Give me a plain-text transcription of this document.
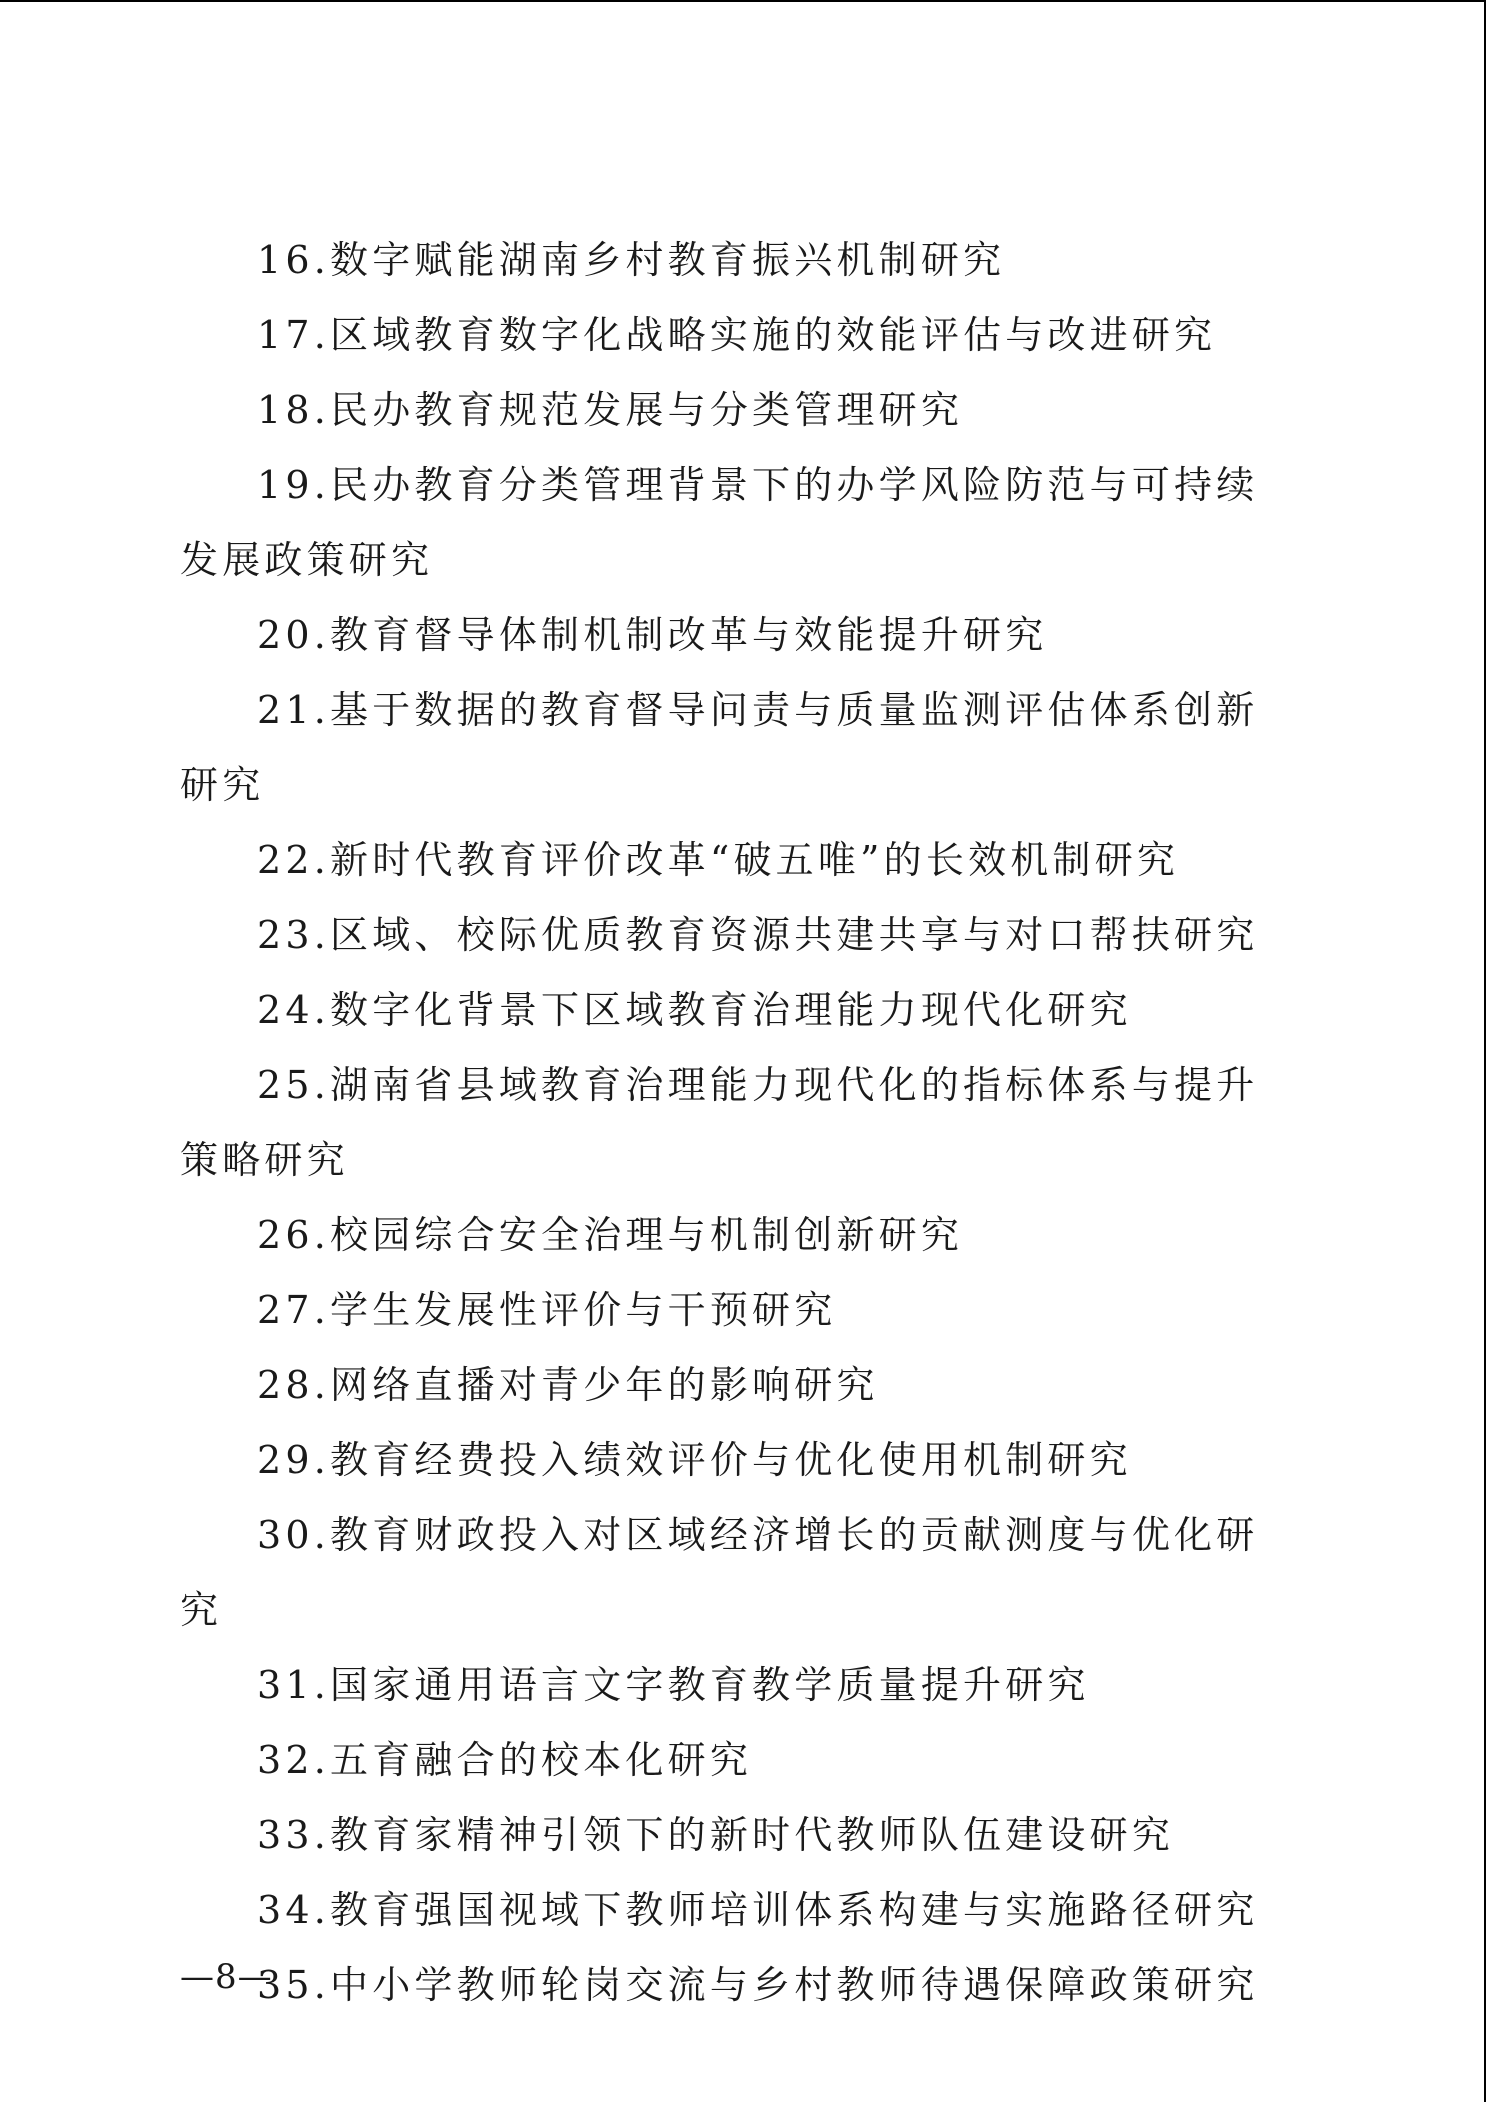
16.数字赋能湖南乡村教育振兴机制研究

17.区域教育数字化战略实施的效能评估与改进研究

18.民办教育规范发展与分类管理研究

19.民办教育分类管理背景下的办学风险防范与可持续发展政策研究

20.教育督导体制机制改革与效能提升研究

21.基于数据的教育督导问责与质量监测评估体系创新研究

22.新时代教育评价改革“破五唯”的长效机制研究

23.区域、校际优质教育资源共建共享与对口帮扶研究

24.数字化背景下区域教育治理能力现代化研究

25.湖南省县域教育治理能力现代化的指标体系与提升策略研究

26.校园综合安全治理与机制创新研究

27.学生发展性评价与干预研究

28.网络直播对青少年的影响研究

29.教育经费投入绩效评价与优化使用机制研究

30.教育财政投入对区域经济增长的贡献测度与优化研究

31.国家通用语言文字教育教学质量提升研究

32.五育融合的校本化研究

33.教育家精神引领下的新时代教师队伍建设研究

34.教育强国视域下教师培训体系构建与实施路径研究

35.中小学教师轮岗交流与乡村教师待遇保障政策研究

—8—
